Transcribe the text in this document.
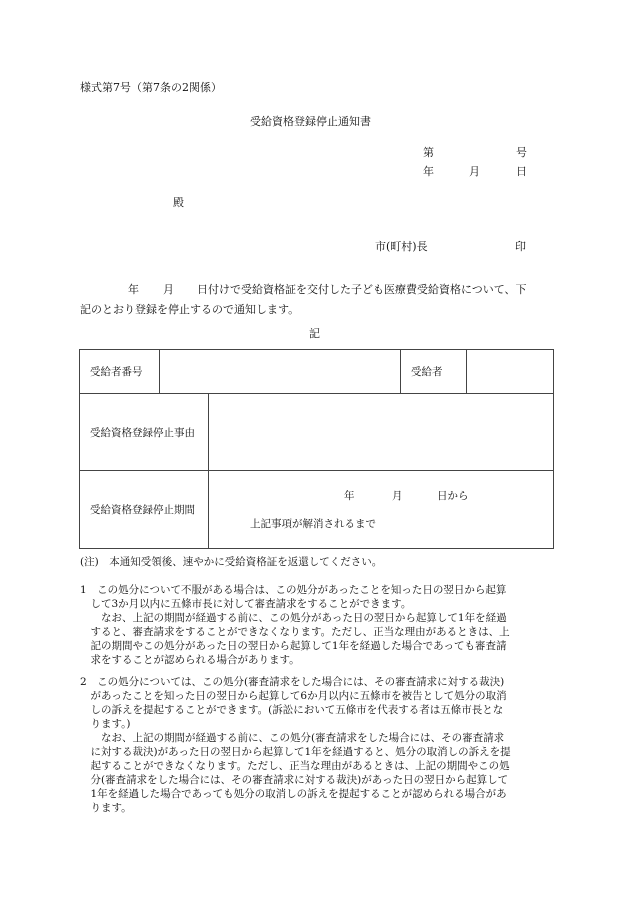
様式第7号（第7条の2関係）
受給資格登録停止通知書
第	号
年	月	日
殿
市(町村)長	印
年 月 日付けで受給資格証を交付した子ども医療費受給資格について、下
記のとおり登録を停止するので通知します。
記
受給者番号			受給者	
受給資格登録停止事由				
受給資格登録停止期間		年 月 日から
上記事項が解消されるまで		
(注)　本通知受領後、速やかに受給資格証を返還してください。

1　この処分について不服がある場合は、この処分があったことを知った日の翌日から起算

　して3か月以内に五條市長に対して審査請求をすることができます。

　　なお、上記の期間が経過する前に、この処分があった日の翌日から起算して1年を経過

　すると、審査請求をすることができなくなります。ただし、正当な理由があるときは、上

　記の期間やこの処分があった日の翌日から起算して1年を経過した場合であっても審査請

　求をすることが認められる場合があります。

2　この処分については、この処分(審査請求をした場合には、その審査請求に対する裁決)

　があったことを知った日の翌日から起算して6か月以内に五條市を被告として処分の取消

　しの訴えを提起することができます。(訴訟において五條市を代表する者は五條市長とな

　ります。)

　　なお、上記の期間が経過する前に、この処分(審査請求をした場合には、その審査請求

　に対する裁決)があった日の翌日から起算して1年を経過すると、処分の取消しの訴えを提

　起することができなくなります。ただし、正当な理由があるときは、上記の期間やこの処

　分(審査請求をした場合には、その審査請求に対する裁決)があった日の翌日から起算して

　1年を経過した場合であっても処分の取消しの訴えを提起することが認められる場合があ

　ります。
